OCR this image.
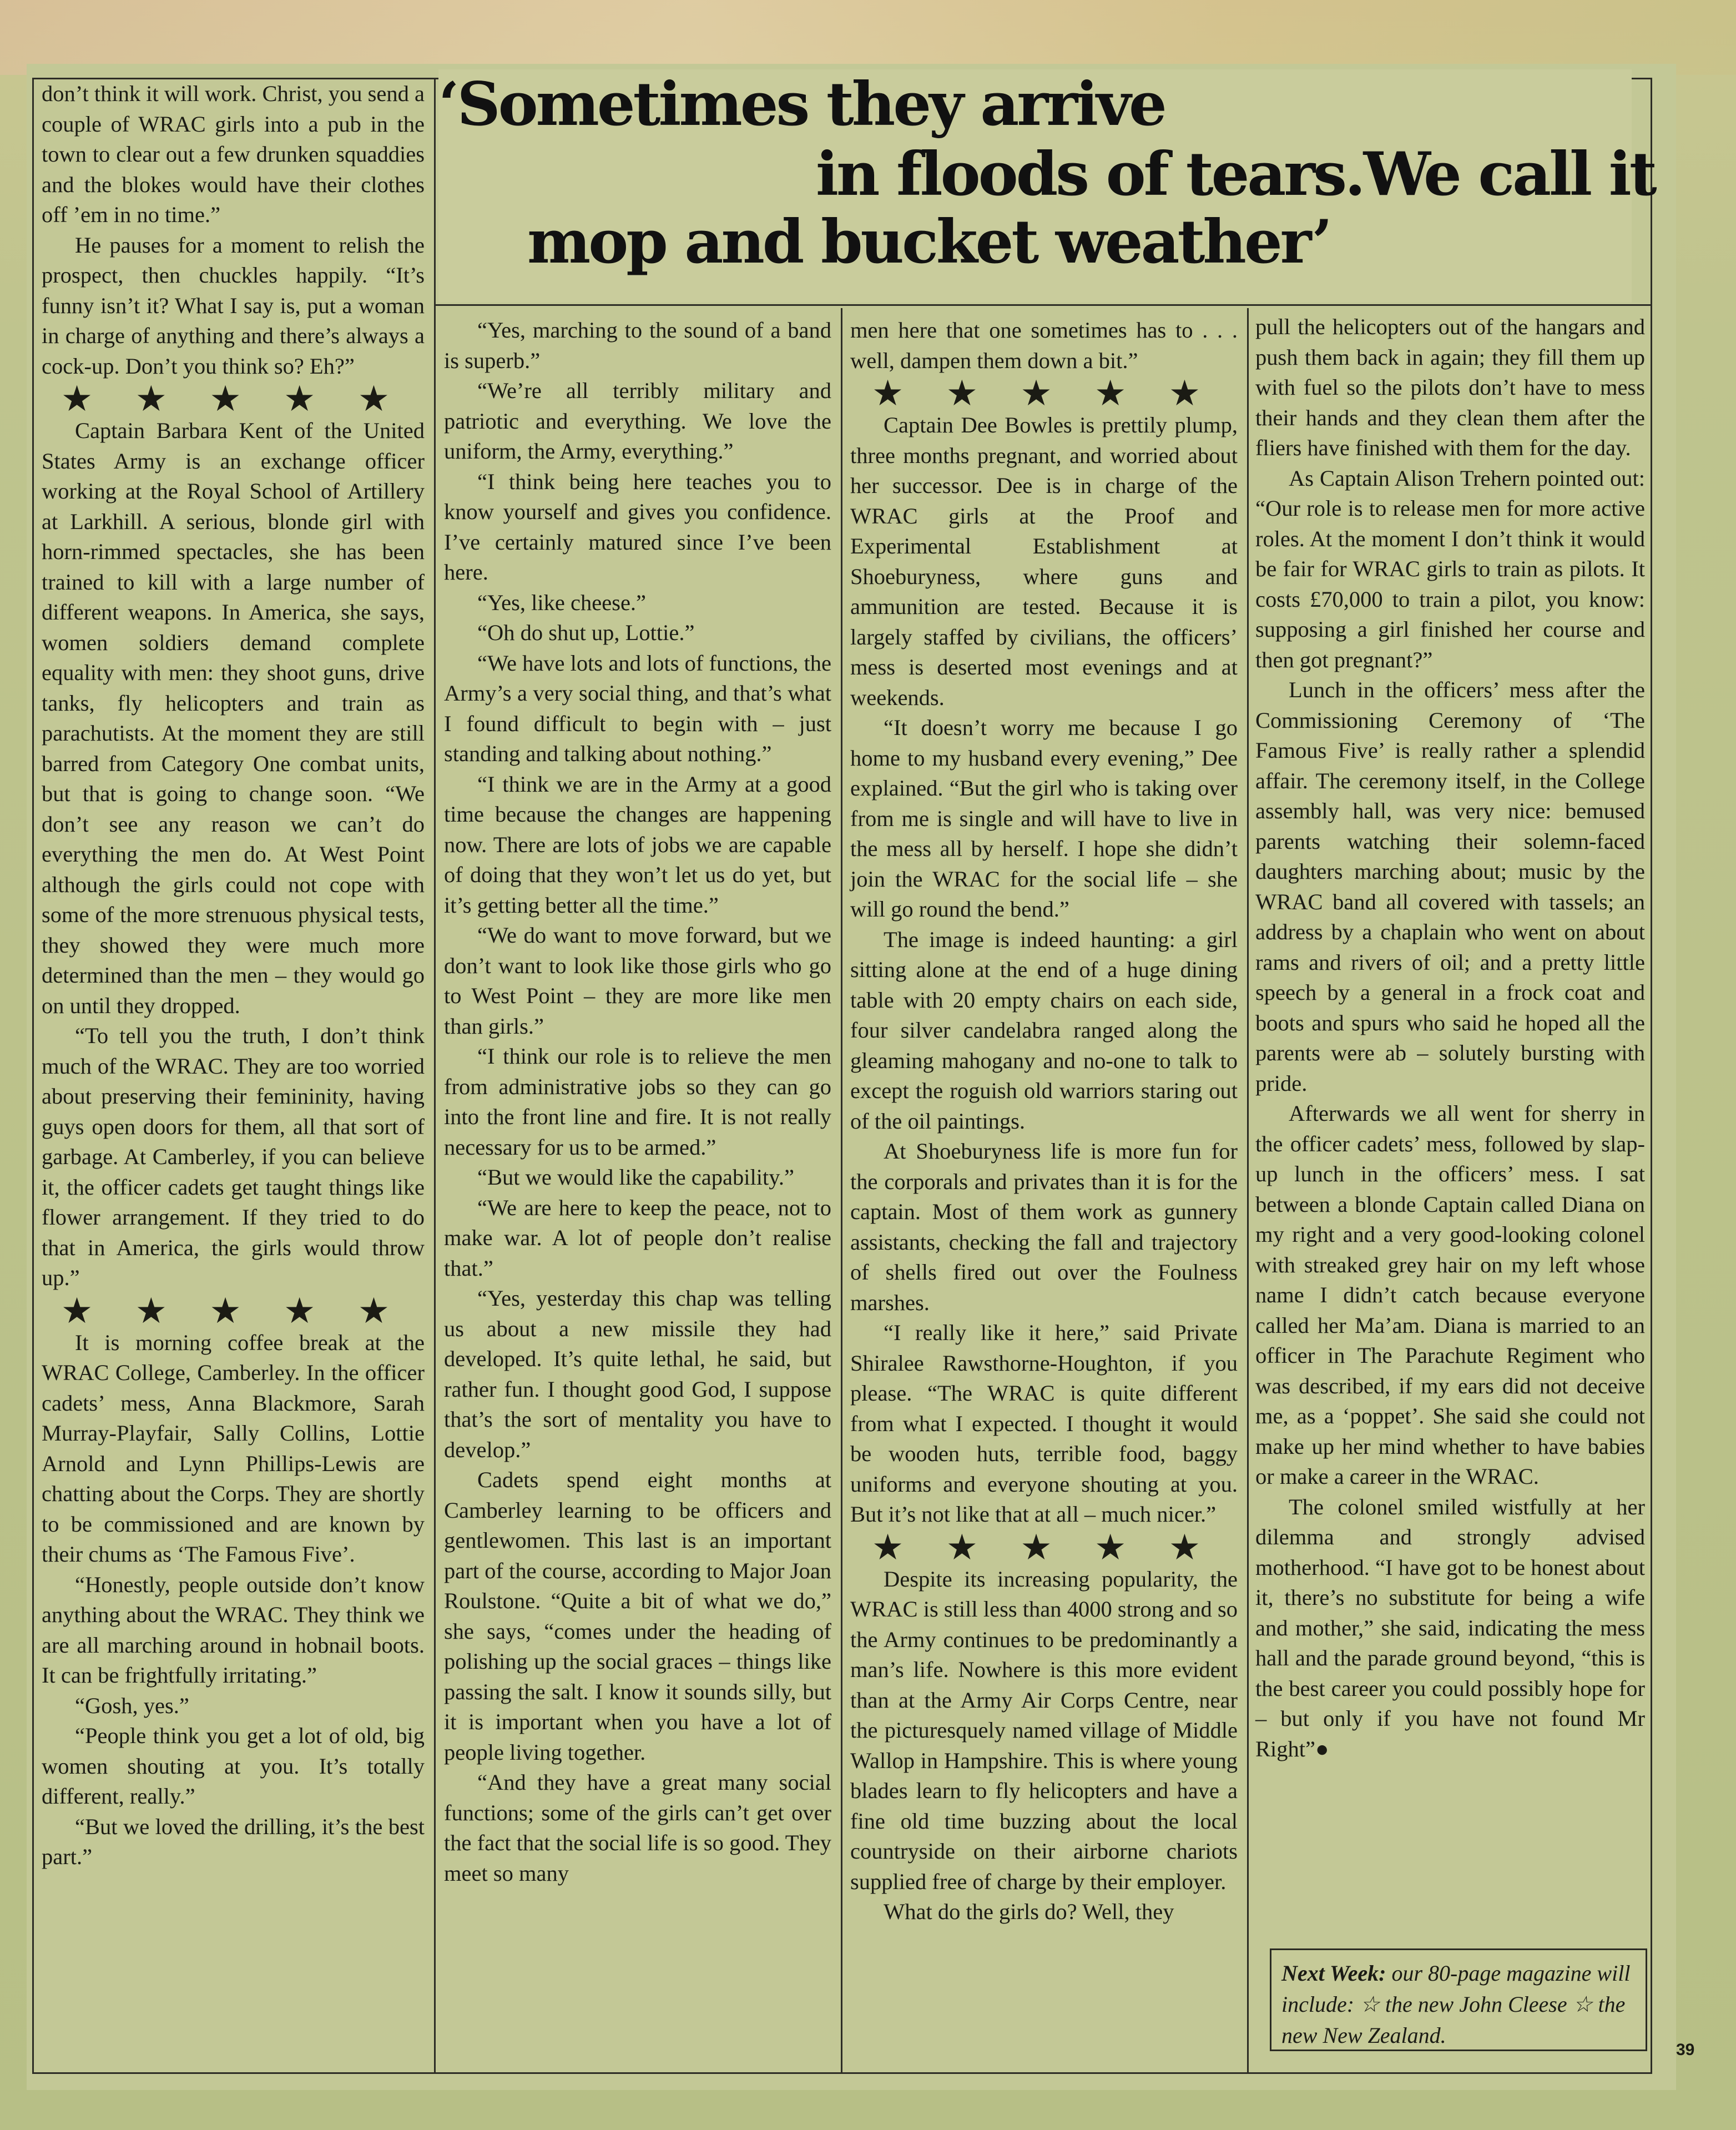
‘Sometimes they arrive
in floods of tears.We call it
mop and bucket weather’

don’t think it will work. Christ, you send a couple of WRAC girls into a pub in the town to clear out a few drunken squaddies and the blokes would have their clothes off ’em in no time.”

He pauses for a moment to relish the prospect, then chuckles happily. “It’s funny isn’t it? What I say is, put a woman in charge of anything and there’s always a cock-up. Don’t you think so? Eh?”

★ ★ ★ ★ ★

Captain Barbara Kent of the United States Army is an exchange officer working at the Royal School of Artillery at Larkhill. A serious, blonde girl with horn-rimmed spectacles, she has been trained to kill with a large number of different weapons. In America, she says, women soldiers demand complete equality with men: they shoot guns, drive tanks, fly helicopters and train as parachutists. At the moment they are still barred from Category One combat units, but that is going to change soon. “We don’t see any reason we can’t do everything the men do. At West Point although the girls could not cope with some of the more strenuous physical tests, they showed they were much more determined than the men – they would go on until they dropped.

“To tell you the truth, I don’t think much of the WRAC. They are too worried about preserving their femininity, having guys open doors for them, all that sort of garbage. At Camberley, if you can believe it, the officer cadets get taught things like flower arrangement. If they tried to do that in America, the girls would throw up.”

★ ★ ★ ★ ★

It is morning coffee break at the WRAC College, Camberley. In the officer cadets’ mess, Anna Blackmore, Sarah Murray-Playfair, Sally Collins, Lottie Arnold and Lynn Phillips-Lewis are chatting about the Corps. They are shortly to be commissioned and are known by their chums as ‘The Famous Five’.

“Honestly, people outside don’t know anything about the WRAC. They think we are all marching around in hobnail boots. It can be frightfully irritating.”

“Gosh, yes.”

“People think you get a lot of old, big women shouting at you. It’s totally different, really.”

“But we loved the drilling, it’s the best part.”

“Yes, marching to the sound of a band is superb.”

“We’re all terribly military and patriotic and everything. We love the uniform, the Army, everything.”

“I think being here teaches you to know yourself and gives you confidence. I’ve certainly matured since I’ve been here.

“Yes, like cheese.”

“Oh do shut up, Lottie.”

“We have lots and lots of functions, the Army’s a very social thing, and that’s what I found difficult to begin with – just standing and talking about nothing.”

“I think we are in the Army at a good time because the changes are happening now. There are lots of jobs we are capable of doing that they won’t let us do yet, but it’s getting better all the time.”

“We do want to move forward, but we don’t want to look like those girls who go to West Point – they are more like men than girls.”

“I think our role is to relieve the men from administrative jobs so they can go into the front line and fire. It is not really necessary for us to be armed.”

“But we would like the capability.”

“We are here to keep the peace, not to make war. A lot of people don’t realise that.”

“Yes, yesterday this chap was telling us about a new missile they had developed. It’s quite lethal, he said, but rather fun. I thought good God, I suppose that’s the sort of mentality you have to develop.”

Cadets spend eight months at Camberley learning to be officers and gentlewomen. This last is an important part of the course, according to Major Joan Roulstone. “Quite a bit of what we do,” she says, “comes under the heading of polishing up the social graces – things like passing the salt. I know it sounds silly, but it is important when you have a lot of people living together.

“And they have a great many social functions; some of the girls can’t get over the fact that the social life is so good. They meet so many

men here that one sometimes has to . . . well, dampen them down a bit.”

★ ★ ★ ★ ★

Captain Dee Bowles is prettily plump, three months pregnant, and worried about her successor. Dee is in charge of the WRAC girls at the Proof and Experimental Establishment at Shoeburyness, where guns and ammunition are tested. Because it is largely staffed by civilians, the officers’ mess is deserted most evenings and at weekends.

“It doesn’t worry me because I go home to my husband every evening,” Dee explained. “But the girl who is taking over from me is single and will have to live in the mess all by herself. I hope she didn’t join the WRAC for the social life – she will go round the bend.”

The image is indeed haunting: a girl sitting alone at the end of a huge dining table with 20 empty chairs on each side, four silver candelabra ranged along the gleaming mahogany and no-one to talk to except the roguish old warriors staring out of the oil paintings.

At Shoeburyness life is more fun for the corporals and privates than it is for the captain. Most of them work as gunnery assistants, checking the fall and trajectory of shells fired out over the Foulness marshes.

“I really like it here,” said Private Shiralee Rawsthorne-Houghton, if you please. “The WRAC is quite different from what I expected. I thought it would be wooden huts, terrible food, baggy uniforms and everyone shouting at you. But it’s not like that at all – much nicer.”

★ ★ ★ ★ ★

Despite its increasing popularity, the WRAC is still less than 4000 strong and so the Army continues to be predominantly a man’s life. Nowhere is this more evident than at the Army Air Corps Centre, near the picturesquely named village of Middle Wallop in Hampshire. This is where young blades learn to fly helicopters and have a fine old time buzzing about the local countryside on their airborne chariots supplied free of charge by their employer.

What do the girls do? Well, they

pull the helicopters out of the hangars and push them back in again; they fill them up with fuel so the pilots don’t have to mess their hands and they clean them after the fliers have finished with them for the day.

As Captain Alison Trehern pointed out: “Our role is to release men for more active roles. At the moment I don’t think it would be fair for WRAC girls to train as pilots. It costs £70,000 to train a pilot, you know: supposing a girl finished her course and then got pregnant?”

Lunch in the officers’ mess after the Commissioning Ceremony of ‘The Famous Five’ is really rather a splendid affair. The ceremony itself, in the College assembly hall, was very nice: bemused parents watching their solemn-faced daughters marching about; music by the WRAC band all covered with tassels; an address by a chaplain who went on about rams and rivers of oil; and a pretty little speech by a general in a frock coat and boots and spurs who said he hoped all the parents were ab – solutely bursting with pride.

Afterwards we all went for sherry in the officer cadets’ mess, followed by slap-up lunch in the officers’ mess. I sat between a blonde Captain called Diana on my right and a very good-looking colonel with streaked grey hair on my left whose name I didn’t catch because everyone called her Ma’am. Diana is married to an officer in The Parachute Regiment who was described, if my ears did not deceive me, as a ‘poppet’. She said she could not make up her mind whether to have babies or make a career in the WRAC.

The colonel smiled wistfully at her dilemma and strongly advised motherhood. “I have got to be honest about it, there’s no substitute for being a wife and mother,” she said, indicating the mess hall and the parade ground beyond, “this is the best career you could possibly hope for – but only if you have not found Mr Right”●

Next Week: our 80-page magazine will include: ☆ the new John Cleese ☆ the new New Zealand.
39
